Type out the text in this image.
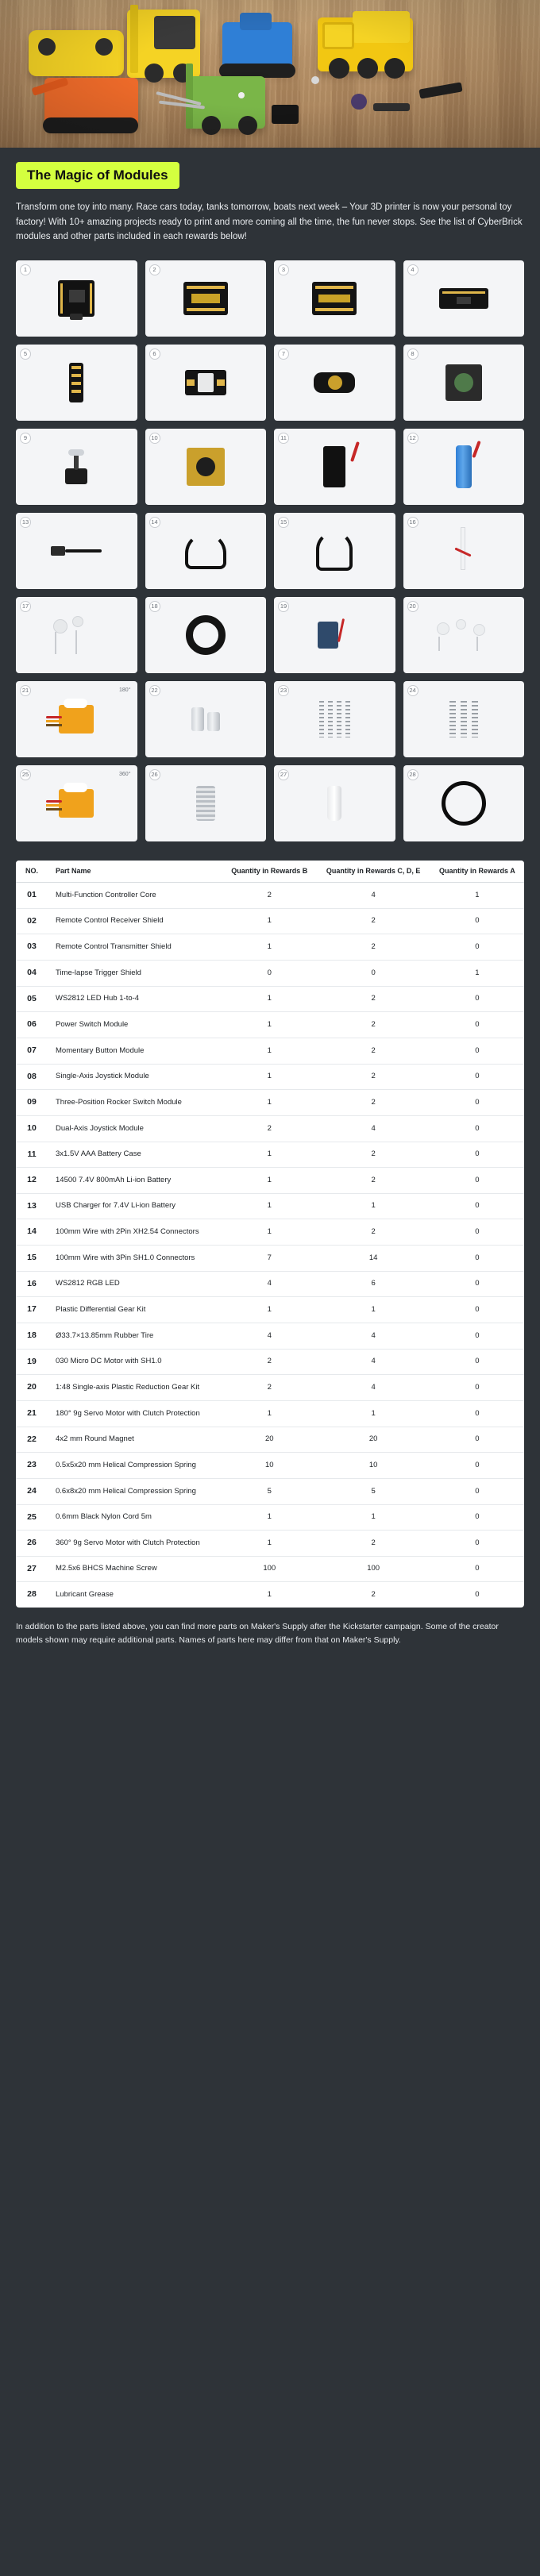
The Magic of Modules
Transform one toy into many. Race cars today, tanks tomorrow, boats next week – Your 3D printer is now your personal toy factory! With 10+ amazing projects ready to print and more coming all the time, the fun never stops. See the list of CyberBrick modules and other parts included in each rewards below!
1	2	3	4
5	6	7	8
9	10	11	12
13	14	15	16
17	18	19	20
21	180°	22	23	24
25	360°	26	27	28
NO.	Part Name	Quantity in Rewards B	Quantity in Rewards C, D, E	Quantity in Rewards A
01	Multi-Function Controller Core	2	4	1
02	Remote Control Receiver Shield	1	2	0
03	Remote Control Transmitter Shield	1	2	0
04	Time-lapse Trigger Shield	0	0	1
05	WS2812 LED Hub 1-to-4	1	2	0
06	Power Switch Module	1	2	0
07	Momentary Button Module	1	2	0
08	Single-Axis Joystick Module	1	2	0
09	Three-Position Rocker Switch Module	1	2	0
10	Dual-Axis Joystick Module	2	4	0
11	3x1.5V AAA Battery Case	1	2	0
12	14500 7.4V 800mAh Li-ion Battery	1	2	0
13	USB Charger for 7.4V Li-ion Battery	1	1	0
14	100mm Wire with 2Pin XH2.54 Connectors	1	2	0
15	100mm Wire with 3Pin SH1.0 Connectors	7	14	0
16	WS2812 RGB LED	4	6	0
17	Plastic Differential Gear Kit	1	1	0
18	Ø33.7×13.85mm Rubber Tire	4	4	0
19	030 Micro DC Motor with SH1.0	2	4	0
20	1:48 Single-axis Plastic Reduction Gear Kit	2	4	0
21	180° 9g Servo Motor with Clutch Protection	1	1	0
22	4x2 mm Round Magnet	20	20	0
23	0.5x5x20 mm Helical Compression Spring	10	10	0
24	0.6x8x20 mm Helical Compression Spring	5	5	0
25	0.6mm Black Nylon Cord 5m	1	1	0
26	360° 9g Servo Motor with Clutch Protection	1	2	0
27	M2.5x6 BHCS Machine Screw	100	100	0
28	Lubricant Grease	1	2	0
In addition to the parts listed above, you can find more parts on Maker's Supply after the Kickstarter campaign. Some of the creator models shown may require additional parts. Names of parts here may differ from that on Maker's Supply.
